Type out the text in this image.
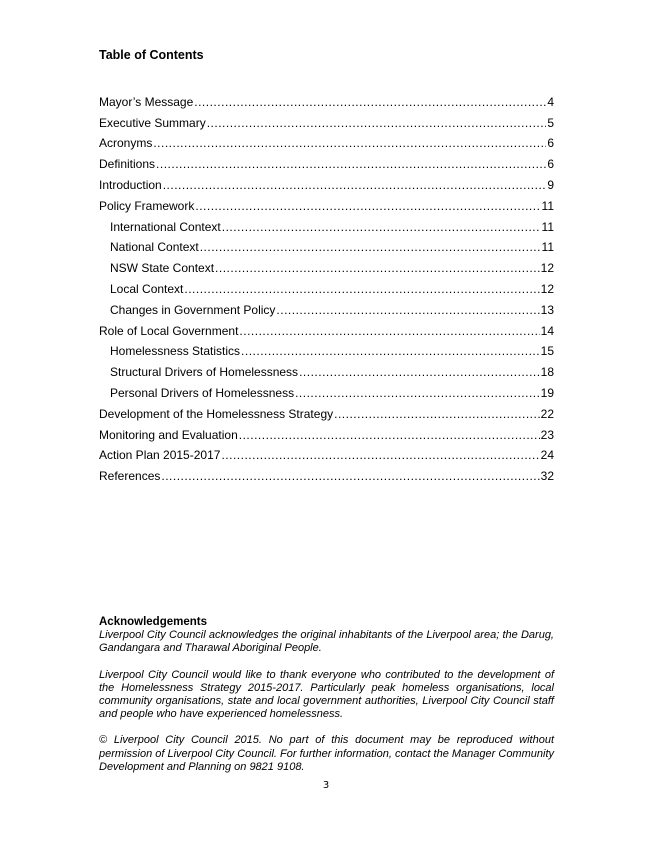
Table of Contents
Mayor’s Message .....	4
Executive Summary .....	5
Acronyms .....	6
Definitions .....	6
Introduction .....	9
Policy Framework .....	11
International Context .....	11
National Context .....	11
NSW State Context .....	12
Local Context .....	12
Changes in Government Policy .....	13
Role of Local Government .....	14
Homelessness Statistics .....	15
Structural Drivers of Homelessness .....	18
Personal Drivers of Homelessness .....	19
Development of the Homelessness Strategy .....	22
Monitoring and Evaluation .....	23
Action Plan 2015-2017 .....	24
References .....	32
Acknowledgements

Liverpool City Council acknowledges the original inhabitants of the Liverpool area; the Darug, Gandangara and Tharawal Aboriginal People.

Liverpool City Council would like to thank everyone who contributed to the development of the Homelessness Strategy 2015-2017. Particularly peak homeless organisations, local community organisations, state and local government authorities, Liverpool City Council staff and people who have experienced homelessness.

© Liverpool City Council 2015. No part of this document may be reproduced without permission of Liverpool City Council. For further information, contact the Manager Community Development and Planning on 9821 9108.

3
